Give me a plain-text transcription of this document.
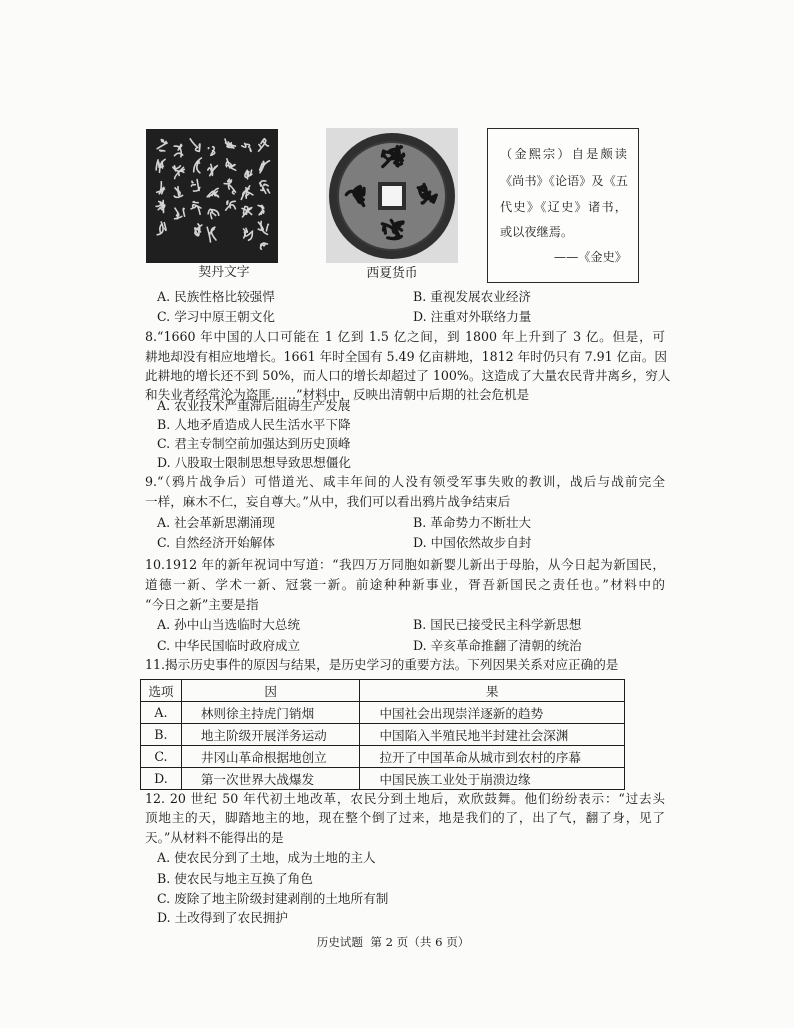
契丹文字	西夏货币
（金熙宗）自是颇读
《尚书》《论语》及《五
代史》《辽史》诸书，
或以夜继焉。
——《金史》
A. 民族性格比较强悍	B. 重视发展农业经济
C. 学习中原王朝文化	D. 注重对外联络力量
8.“1660 年中国的人口可能在 1 亿到 1.5 亿之间，到 1800 年上升到了 3 亿。但是，可
耕地却没有相应地增长。1661 年时全国有 5.49 亿亩耕地，1812 年时仍只有 7.91 亿亩。因
此耕地的增长还不到 50%，而人口的增长却超过了 100%。这造成了大量农民背井离乡，穷人
和失业者经常沦为盗匪……”材料中，反映出清朝中后期的社会危机是
A. 农业技术严重滞后阻碍生产发展
B. 人地矛盾造成人民生活水平下降
C. 君主专制空前加强达到历史顶峰
D. 八股取士限制思想导致思想僵化
9.“（鸦片战争后）可惜道光、咸丰年间的人没有领受军事失败的教训，战后与战前完全
一样，麻木不仁，妄自尊大。”从中，我们可以看出鸦片战争结束后
A. 社会革新思潮涌现	B. 革命势力不断壮大
C. 自然经济开始解体	D. 中国依然故步自封
10.1912 年的新年祝词中写道：“我四万万同胞如新婴儿新出于母胎，从今日起为新国民，
道德一新、学术一新、冠裳一新。前途种种新事业，胥吾新国民之责任也。”材料中的
“今日之新”主要是指
A. 孙中山当选临时大总统	B. 国民已接受民主科学新思想
C. 中华民国临时政府成立	D. 辛亥革命推翻了清朝的统治
11.揭示历史事件的原因与结果，是历史学习的重要方法。下列因果关系对应正确的是
选项	因	果
A.	林则徐主持虎门销烟	中国社会出现崇洋逐新的趋势
B.	地主阶级开展洋务运动	中国陷入半殖民地半封建社会深渊
C.	井冈山革命根据地创立	拉开了中国革命从城市到农村的序幕
D.	第一次世界大战爆发	中国民族工业处于崩溃边缘
12. 20 世纪 50 年代初土地改革，农民分到土地后，欢欣鼓舞。他们纷纷表示：“过去头
顶地主的天，脚踏地主的地，现在整个倒了过来，地是我们的了，出了气，翻了身，见了
天。”从材料不能得出的是
A. 使农民分到了土地，成为土地的主人
B. 使农民与地主互换了角色
C. 废除了地主阶级封建剥削的土地所有制
D. 土改得到了农民拥护
历史试题  第 2 页（共 6 页）
